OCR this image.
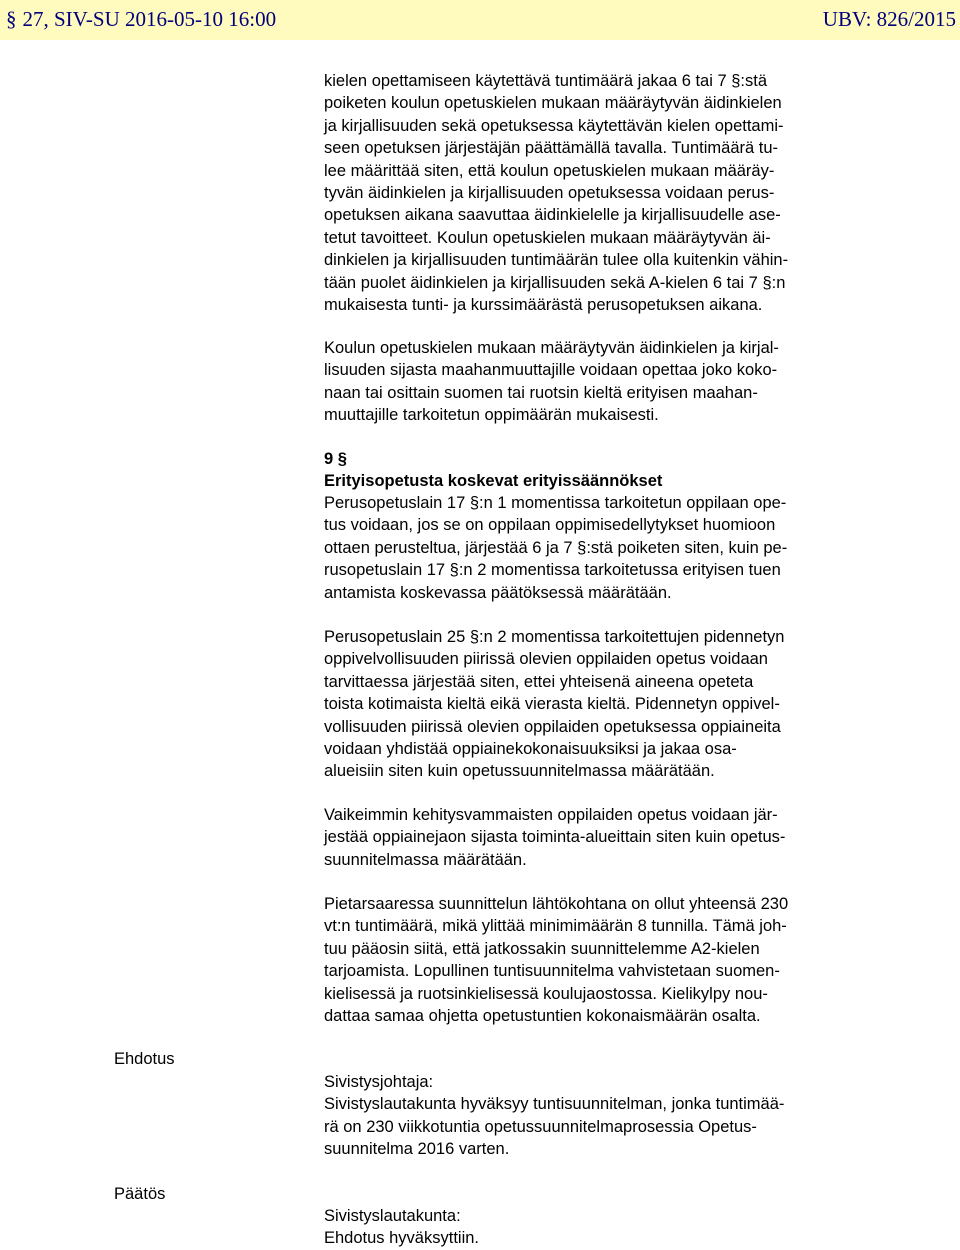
§ 27, SIV-SU 2016-05-10 16:00	UBV: 826/2015

kielen opettamiseen käytettävä tuntimäärä jakaa 6 tai 7 §:stä
poiketen koulun opetuskielen mukaan määräytyvän äidinkielen
ja kirjallisuuden sekä opetuksessa käytettävän kielen opettami-
seen opetuksen järjestäjän päättämällä tavalla. Tuntimäärä tu-
lee määrittää siten, että koulun opetuskielen mukaan määräy-
tyvän äidinkielen ja kirjallisuuden opetuksessa voidaan perus-
opetuksen aikana saavuttaa äidinkielelle ja kirjallisuudelle ase-
tetut tavoitteet. Koulun opetuskielen mukaan määräytyvän äi-
dinkielen ja kirjallisuuden tuntimäärän tulee olla kuitenkin vähin-
tään puolet äidinkielen ja kirjallisuuden sekä A-kielen 6 tai 7 §:n
mukaisesta tunti- ja kurssimäärästä perusopetuksen aikana.

Koulun opetuskielen mukaan määräytyvän äidinkielen ja kirjal-
lisuuden sijasta maahanmuuttajille voidaan opettaa joko koko-
naan tai osittain suomen tai ruotsin kieltä erityisen maahan-
muuttajille tarkoitetun oppimäärän mukaisesti.

9 §

Erityisopetusta koskevat erityissäännökset

Perusopetuslain 17 §:n 1 momentissa tarkoitetun oppilaan ope-
tus voidaan, jos se on oppilaan oppimisedellytykset huomioon
ottaen perusteltua, järjestää 6 ja 7 §:stä poiketen siten, kuin pe-
rusopetuslain 17 §:n 2 momentissa tarkoitetussa erityisen tuen
antamista koskevassa päätöksessä määrätään.

Perusopetuslain 25 §:n 2 momentissa tarkoitettujen pidennetyn
oppivelvollisuuden piirissä olevien oppilaiden opetus voidaan
tarvittaessa järjestää siten, ettei yhteisenä aineena opeteta
toista kotimaista kieltä eikä vierasta kieltä. Pidennetyn oppivel-
vollisuuden piirissä olevien oppilaiden opetuksessa oppiaineita
voidaan yhdistää oppiainekokonaisuuksiksi ja jakaa osa-
alueisiin siten kuin opetussuunnitelmassa määrätään.

Vaikeimmin kehitysvammaisten oppilaiden opetus voidaan jär-
jestää oppiainejaon sijasta toiminta-alueittain siten kuin opetus-
suunnitelmassa määrätään.

Pietarsaaressa suunnittelun lähtökohtana on ollut yhteensä 230
vt:n tuntimäärä, mikä ylittää minimimäärän 8 tunnilla. Tämä joh-
tuu pääosin siitä, että jatkossakin suunnittelemme A2-kielen
tarjoamista. Lopullinen tuntisuunnitelma vahvistetaan suomen-
kielisessä ja ruotsinkielisessä koulujaostossa. Kielikylpy nou-
dattaa samaa ohjetta opetustuntien kokonaismäärän osalta.

Ehdotus

Sivistysjohtaja:
Sivistyslautakunta hyväksyy tuntisuunnitelman, jonka tuntimää-
rä on 230 viikkotuntia opetussuunnitelmaprosessia Opetus-
suunnitelma 2016 varten.

Päätös

Sivistyslautakunta:
Ehdotus hyväksyttiin.
